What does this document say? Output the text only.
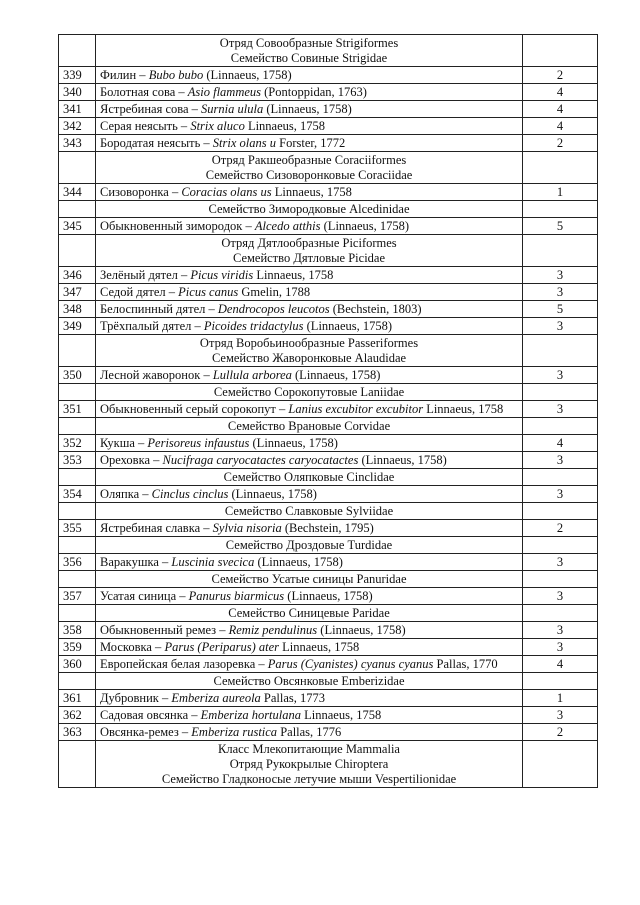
	Отряд Совообразные Strigiformes
Семейство Совиные Strigidae	

339	Филин – Bubo bubo (Linnaeus, 1758)	2
340	Болотная сова – Asio flammeus (Pontoppidan, 1763)	4
341	Ястребиная сова – Surnia ulula (Linnaeus, 1758)	4
342	Серая неясыть – Strix aluco Linnaeus, 1758	4
343	Бородатая неясыть – Strix olans u Forster, 1772	2

	Отряд Ракшеобразные Coraciiformes
Семейство Сизоворонковые Coraciidae	

344	Сизоворонка – Coracias olans us Linnaeus, 1758	1

	Семейство Зимородковые Alcedinidae	

345	Обыкновенный зимородок – Alcedo atthis (Linnaeus, 1758)	5

	Отряд Дятлообразные Piciformes
Семейство Дятловые Picidae	

346	Зелёный дятел – Picus viridis Linnaeus, 1758	3
347	Седой дятел – Picus canus Gmelin, 1788	3
348	Белоспинный дятел – Dendrocopos leucotos (Bechstein, 1803)	5
349	Трёхпалый дятел – Picoides tridactylus (Linnaeus, 1758)	3

	Отряд Воробьинообразные Passeriformes
Семейство Жаворонковые Alaudidae	

350	Лесной жаворонок – Lullula arborea (Linnaeus, 1758)	3

	Семейство Сорокопутовые Laniidae	

351	Обыкновенный серый сорокопут – Lanius excubitor excubitor Linnaeus, 1758	3

	Семейство Врановые Corvidae	

352	Кукша – Perisoreus infaustus (Linnaeus, 1758)	4
353	Ореховка – Nucifraga caryocatactes caryocatactes (Linnaeus, 1758)	3

	Семейство Оляпковые Cinclidae	

354	Оляпка – Cinclus cinclus (Linnaeus, 1758)	3

	Семейство Славковые Sylviidae	

355	Ястребиная славка – Sylvia nisoria (Bechstein, 1795)	2

	Семейство Дроздовые Turdidae	

356	Варакушка – Luscinia svecica (Linnaeus, 1758)	3

	Семейство Усатые синицы Panuridae	

357	Усатая синица – Panurus biarmicus (Linnaeus, 1758)	3

	Семейство Синицевые Paridae	

358	Обыкновенный ремез – Remiz pendulinus (Linnaeus, 1758)	3
359	Московка – Parus (Periparus) ater Linnaeus, 1758	3
360	Европейская белая лазоревка – Parus (Cyanistes) cyanus cyanus Pallas, 1770	4

	Семейство Овсянковые Emberizidae	

361	Дубровник – Emberiza aureola Pallas, 1773	1
362	Садовая овсянка – Emberiza hortulana Linnaeus, 1758	3
363	Овсянка-ремез – Emberiza rustica Pallas, 1776	2

	Класс Млекопитающие Mammalia
Отряд Рукокрылые Chiroptera
Семейство Гладконосые летучие мыши Vespertilionidae	
